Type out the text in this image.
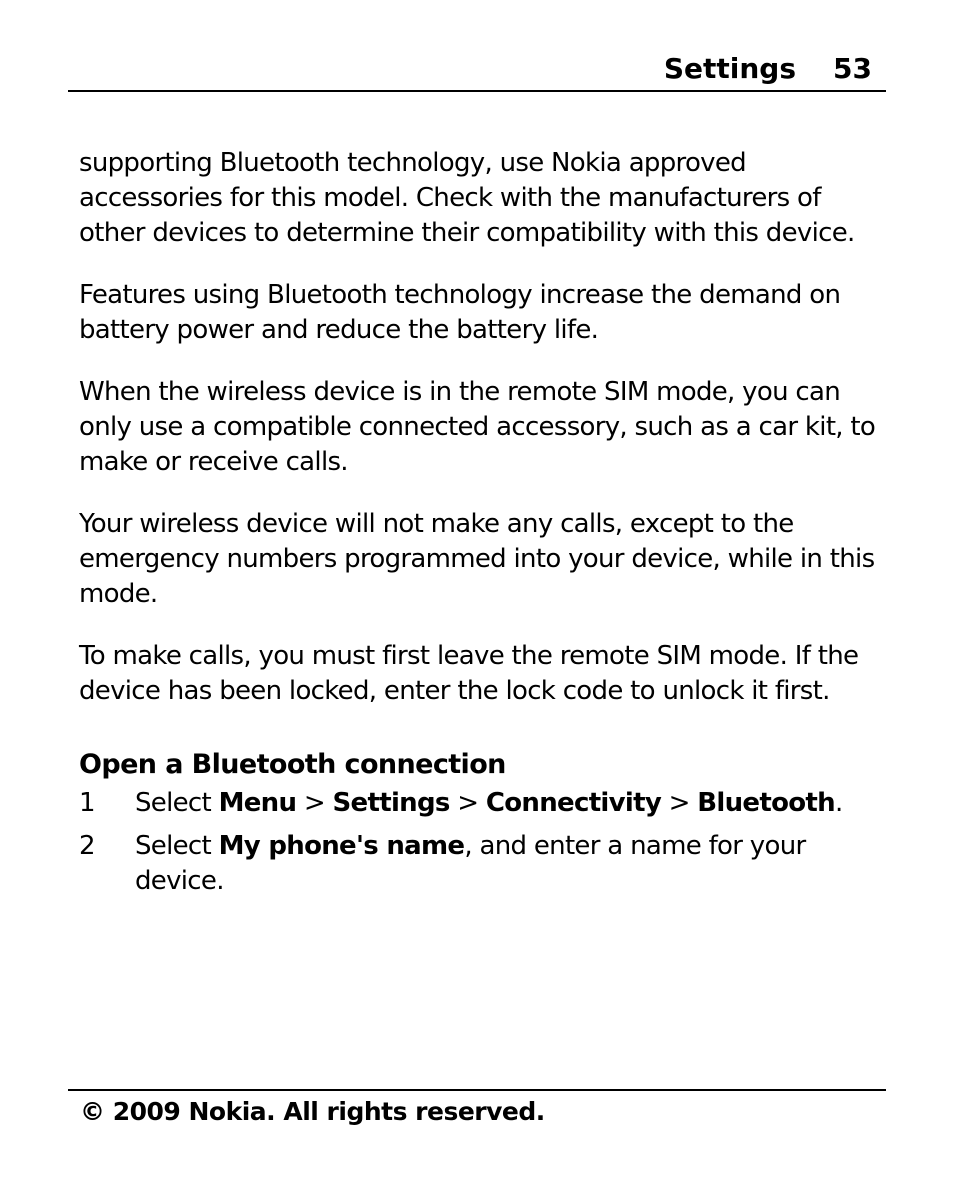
Settings 53

supporting Bluetooth technology, use Nokia approved accessories for this model. Check with the manufacturers of other devices to determine their compatibility with this device.

Features using Bluetooth technology increase the demand on battery power and reduce the battery life.

When the wireless device is in the remote SIM mode, you can only use a compatible connected accessory, such as a car kit, to make or receive calls.

Your wireless device will not make any calls, except to the emergency numbers programmed into your device, while in this mode.

To make calls, you must first leave the remote SIM mode. If the device has been locked, enter the lock code to unlock it first.

Open a Bluetooth connection
1 Select Menu > Settings > Connectivity > Bluetooth.
2 Select My phone's name, and enter a name for your device.
© 2009 Nokia. All rights reserved.
